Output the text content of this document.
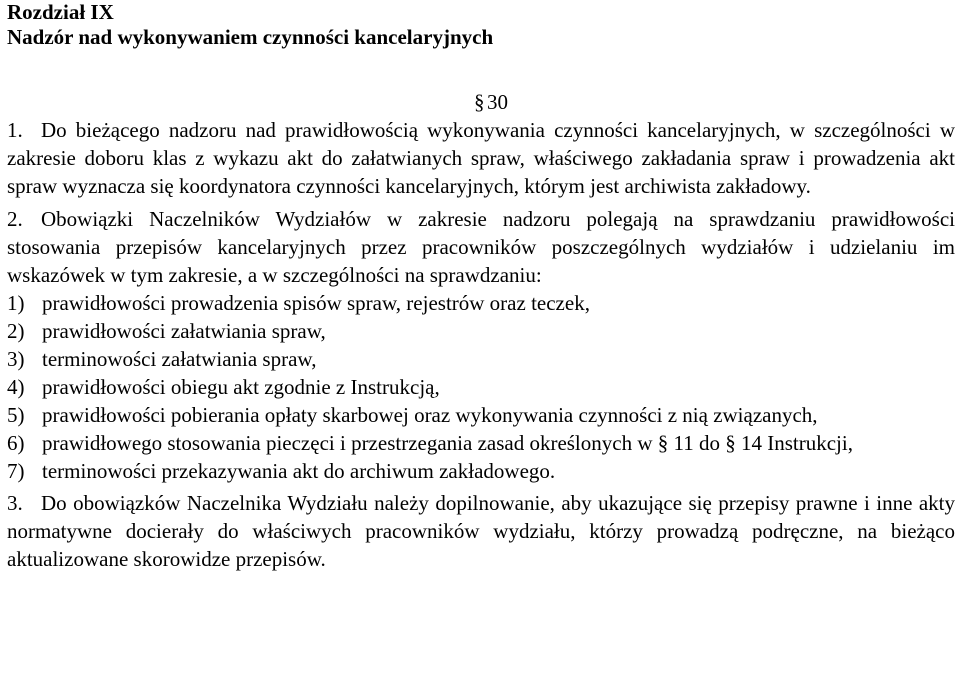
Rozdział IX

Nadzór nad wykonywaniem czynności kancelaryjnych

§ 30

1. Do bieżącego nadzoru nad prawidłowością wykonywania czynności kancelaryjnych, w szczególności w zakresie doboru klas z wykazu akt do załatwianych spraw, właściwego zakładania spraw i prowadzenia akt spraw wyznacza się koordynatora czynności kancelaryjnych, którym jest archiwista zakładowy.

2. Obowiązki Naczelników Wydziałów w zakresie nadzoru polegają na sprawdzaniu prawidłowości stosowania przepisów kancelaryjnych przez pracowników poszczególnych wydziałów i udzielaniu im wskazówek w tym zakresie, a w szczególności na sprawdzaniu:

1) prawidłowości prowadzenia spisów spraw, rejestrów oraz teczek,

2) prawidłowości załatwiania spraw,

3) terminowości załatwiania spraw,

4) prawidłowości obiegu akt zgodnie z Instrukcją,

5) prawidłowości pobierania opłaty skarbowej oraz wykonywania czynności z nią związanych,

6) prawidłowego stosowania pieczęci i przestrzegania zasad określonych w § 11 do § 14 Instrukcji,

7) terminowości przekazywania akt do archiwum zakładowego.

3. Do obowiązków Naczelnika Wydziału należy dopilnowanie, aby ukazujące się przepisy prawne i inne akty normatywne docierały do właściwych pracowników wydziału, którzy prowadzą podręczne, na bieżąco aktualizowane skorowidze przepisów.
